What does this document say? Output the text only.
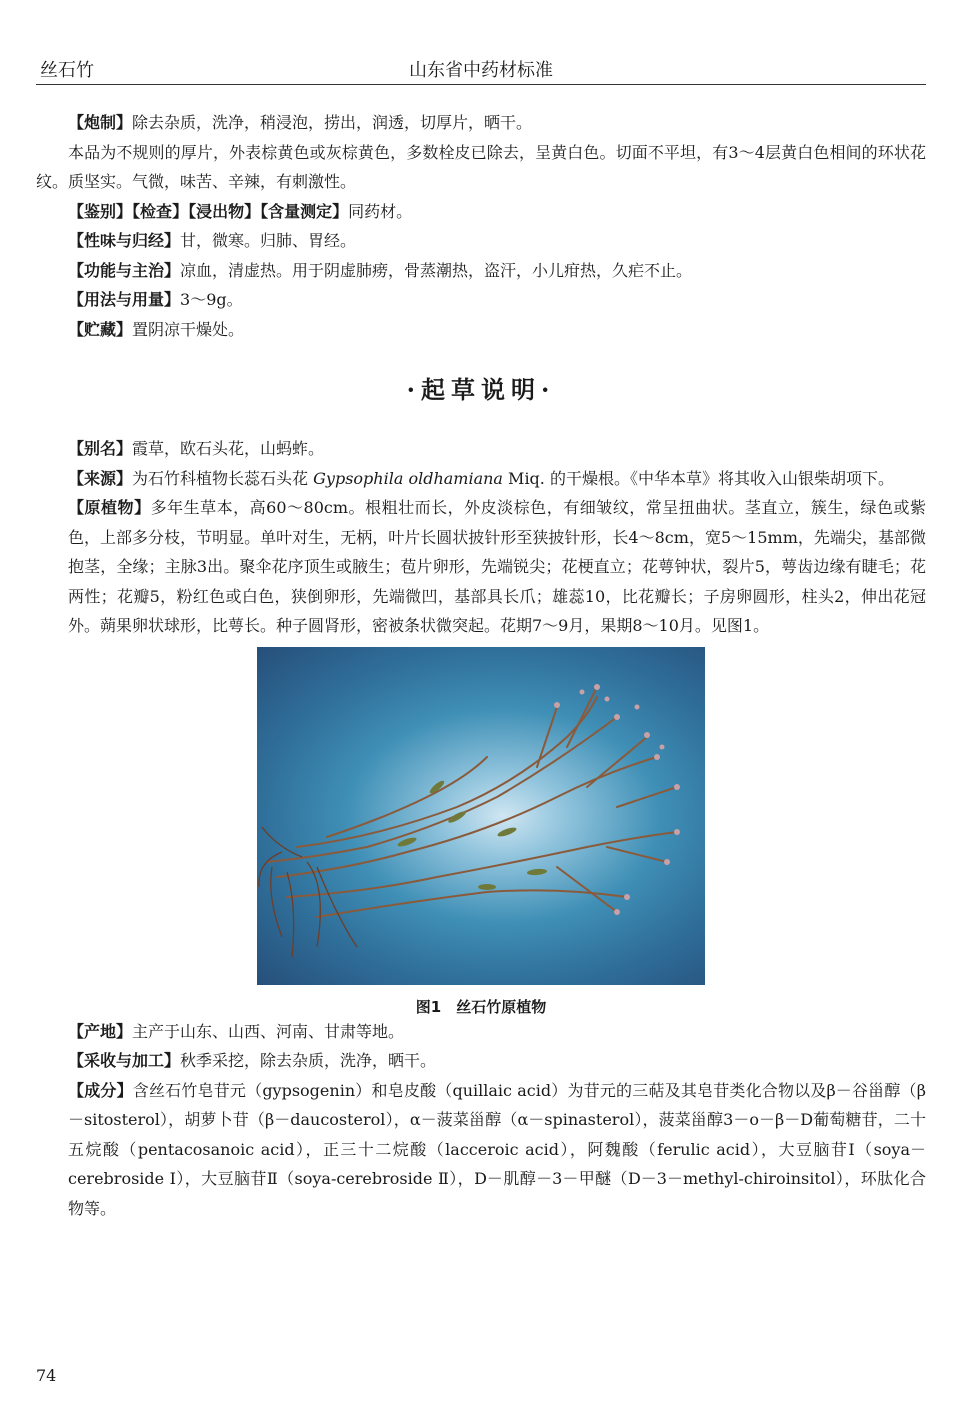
丝石竹	山东省中药材标准

【炮制】除去杂质，洗净，稍浸泡，捞出，润透，切厚片，晒干。

本品为不规则的厚片，外表棕黄色或灰棕黄色，多数栓皮已除去，呈黄白色。切面不平坦，有3～4层黄白色相间的环状花纹。质坚实。气微，味苦、辛辣，有刺激性。

【鉴别】【检查】【浸出物】【含量测定】同药材。

【性味与归经】甘，微寒。归肺、胃经。

【功能与主治】凉血，清虚热。用于阴虚肺痨，骨蒸潮热，盗汗，小儿疳热，久疟不止。

【用法与用量】3～9g。

【贮藏】置阴凉干燥处。

·起草说明·

【别名】霞草，欧石头花，山蚂蚱。

【来源】为石竹科植物长蕊石头花 Gypsophila oldhamiana Miq. 的干燥根。《中华本草》将其收入山银柴胡项下。

【原植物】多年生草本，高60～80cm。根粗壮而长，外皮淡棕色，有细皱纹，常呈扭曲状。茎直立，簇生，绿色或紫色，上部多分枝，节明显。单叶对生，无柄，叶片长圆状披针形至狭披针形，长4～8cm，宽5～15mm，先端尖，基部微抱茎，全缘；主脉3出。聚伞花序顶生或腋生；苞片卵形，先端锐尖；花梗直立；花萼钟状，裂片5，萼齿边缘有睫毛；花两性；花瓣5，粉红色或白色，狭倒卵形，先端微凹，基部具长爪；雄蕊10，比花瓣长；子房卵圆形，柱头2，伸出花冠外。蒴果卵状球形，比萼长。种子圆肾形，密被条状微突起。花期7～9月，果期8～10月。见图1。

图1　丝石竹原植物

【产地】主产于山东、山西、河南、甘肃等地。

【采收与加工】秋季采挖，除去杂质，洗净，晒干。

【成分】含丝石竹皂苷元（gypsogenin）和皂皮酸（quillaic acid）为苷元的三萜及其皂苷类化合物以及β－谷甾醇（β－sitosterol），胡萝卜苷（β－daucosterol），α－菠菜甾醇（α－spinasterol），菠菜甾醇3－o－β－D葡萄糖苷，二十五烷酸（pentacosanoic acid），正三十二烷酸（lacceroic acid），阿魏酸（ferulic acid），大豆脑苷Ⅰ（soya－cerebroside Ⅰ），大豆脑苷Ⅱ（soya-cerebroside Ⅱ），D－肌醇－3－甲醚（D－3－methyl-chiroinsitol），环肽化合物等。

74
